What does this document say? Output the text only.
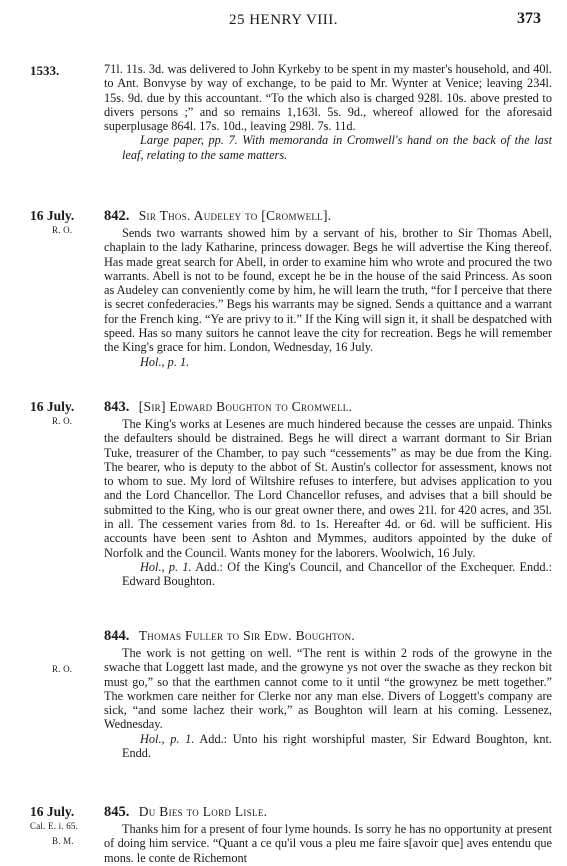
25 HENRY VIII.	373
1533.	71l. 11s. 3d. was delivered to John Kyrkeby to be spent in my master's household, and 40l. to Ant. Bonvyse by way of exchange, to be paid to Mr. Wynter at Venice; leaving 234l. 15s. 9d. due by this accountant. “To the which also is charged 928l. 10s. above prested to divers persons ;” and so remains 1,163l. 5s. 9d., whereof allowed for the aforesaid superplusage 864l. 17s. 10d., leaving 298l. 7s. 11d.

Large paper, pp. 7. With memoranda in Cromwell's hand on the back of the last leaf, relating to the same matters.

16 July.
R. O.
842. Sir Thos. Audeley to [Cromwell].

Sends two warrants showed him by a servant of his, brother to Sir Thomas Abell, chaplain to the lady Katharine, princess dowager. Begs he will advertise the King thereof. Has made great search for Abell, in order to examine him who wrote and procured the two warrants. Abell is not to be found, except he be in the house of the said Princess. As soon as Audeley can conveniently come by him, he will learn the truth, “for I perceive that there is secret confederacies.” Begs his warrants may be signed. Sends a quittance and a warrant for the French king. “Ye are privy to it.” If the King will sign it, it shall be despatched with speed. Has so many suitors he cannot leave the city for recreation. Begs he will remember the King's grace for him. London, Wednesday, 16 July.

Hol., p. 1.

16 July.
R. O.
843. [Sir] Edward Boughton to Cromwell.

The King's works at Lesenes are much hindered because the cesses are unpaid. Thinks the defaulters should be distrained. Begs he will direct a warrant dormant to Sir Brian Tuke, treasurer of the Chamber, to pay such “cessements” as may be due from the King. The bearer, who is deputy to the abbot of St. Austin's collector for assessment, knows not to whom to sue. My lord of Wiltshire refuses to interfere, but advises application to you and the Lord Chancellor. The Lord Chancellor refuses, and advises that a bill should be submitted to the King, who is our great owner there, and owes 21l. for 420 acres, and 35l. in all. The cessement varies from 8d. to 1s. Hereafter 4d. or 6d. will be sufficient. His accounts have been sent to Ashton and Mymmes, auditors appointed by the duke of Norfolk and the Council. Wants money for the laborers. Woolwich, 16 July.

Hol., p. 1. Add.: Of the King's Council, and Chancellor of the Exchequer. Endd.: Edward Boughton.

R. O.
844. Thomas Fuller to Sir Edw. Boughton.

The work is not getting on well. “The rent is within 2 rods of the growyne in the swache that Loggett last made, and the growyne ys not over the swache as they reckon bit must go,” so that the earthmen cannot come to it until “the growynez be mett together.” The workmen care neither for Clerke nor any man else. Divers of Loggett's company are sick, “and some lachez their work,” as Boughton will learn at his coming. Lessenez, Wednesday.

Hol., p. 1. Add.: Unto his right worshipful master, Sir Edward Boughton, knt. Endd.

16 July.
Cal. E. i. 65.
B. M.
845. Du Bies to Lord Lisle.

Thanks him for a present of four lyme hounds. Is sorry he has no opportunity at present of doing him service. “Quant a ce qu'il vous a pleu me faire s[avoir que] aves entendu que mons. le conte de Richemont
